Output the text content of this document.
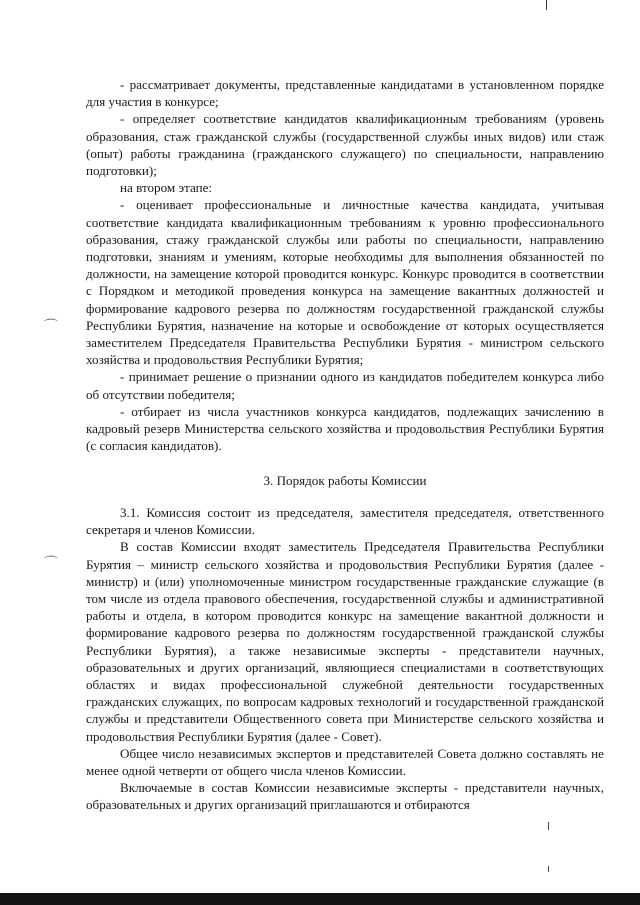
⌒
⌒

- рассматривает документы, представленные кандидатами в установленном порядке для участия в конкурсе;

- определяет соответствие кандидатов квалификационным требованиям (уровень образования, стаж гражданской службы (государственной службы иных видов) или стаж (опыт) работы гражданина (гражданского служащего) по специальности, направлению подготовки);

на втором этапе:

- оценивает профессиональные и личностные качества кандидата, учитывая соответствие кандидата квалификационным требованиям к уровню профессионального образования, стажу гражданской службы или работы по специальности, направлению подготовки, знаниям и умениям, которые необходимы для выполнения обязанностей по должности, на замещение которой проводится конкурс. Конкурс проводится в соответствии с Порядком и методикой проведения конкурса на замещение вакантных должностей и формирование кадрового резерва по должностям государственной гражданской службы Республики Бурятия, назначение на которые и освобождение от которых осуществляется заместителем Председателя Правительства Республики Бурятия - министром сельского хозяйства и продовольствия Республики Бурятия;

- принимает решение о признании одного из кандидатов победителем конкурса либо об отсутствии победителя;

- отбирает из числа участников конкурса кандидатов, подлежащих зачислению в кадровый резерв Министерства сельского хозяйства и продовольствия Республики Бурятия (с согласия кандидатов).

3. Порядок работы Комиссии

3.1. Комиссия состоит из председателя, заместителя председателя, ответственного секретаря и членов Комиссии.

В состав Комиссии входят заместитель Председателя Правительства Республики Бурятия – министр сельского хозяйства и продовольствия Республики Бурятия (далее - министр) и (или) уполномоченные министром государственные гражданские служащие (в том числе из отдела правового обеспечения, государственной службы и административной работы и отдела, в котором проводится конкурс на замещение вакантной должности и формирование кадрового резерва по должностям государственной гражданской службы Республики Бурятия), а также независимые эксперты - представители научных, образовательных и других организаций, являющиеся специалистами в соответствующих областях и видах профессиональной служебной деятельности государственных гражданских служащих, по вопросам кадровых технологий и государственной гражданской службы и представители Общественного совета при Министерстве сельского хозяйства и продовольствия Республики Бурятия (далее - Совет).

Общее число независимых экспертов и представителей Совета должно составлять не менее одной четверти от общего числа членов Комиссии.

Включаемые в состав Комиссии независимые эксперты - представители научных, образовательных и других организаций приглашаются и отбираются
